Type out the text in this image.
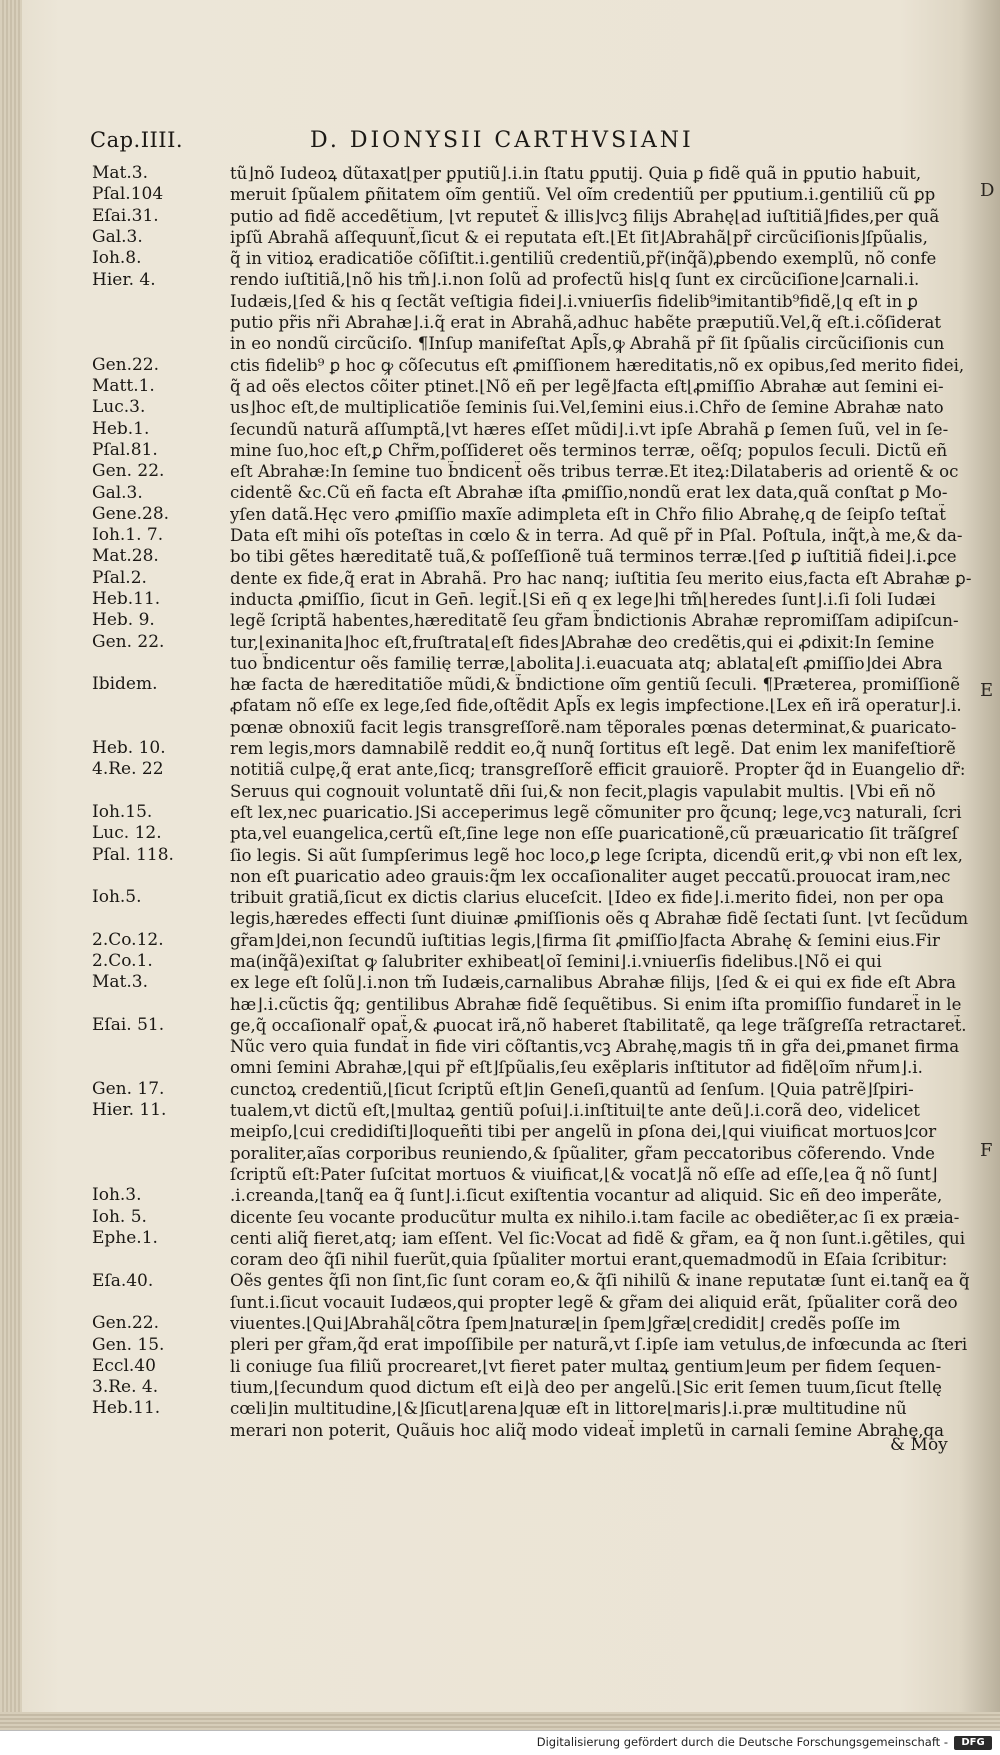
Cap.IIII.	D. DIONYSII CARTHVSIANI
Mat.3.
Pſal.104
Eſai.31.
Gal.3.
Ioh.8.
Hier. 4.
Gen.22.
Matt.1.
Luc.3.
Heb.1.
Pſal.81.
Gen. 22.
Gal.3.
Gene.28.
Ioh.1. 7.
Mat.28.
Pſal.2.
Heb.11.
Heb. 9.
Gen. 22.
Ibidem.
Heb. 10.
4.Re. 22
Ioh.15.
Luc. 12.
Pſal. 118.
Ioh.5.
2.Co.12.
2.Co.1.
Mat.3.
Eſai. 51.
Gen. 17.
Hier. 11.
Ioh.3.
Ioh. 5.
Ephe.1.
Eſa.40.
Gen.22.
Gen. 15.
Eccl.40
3.Re. 4.
Heb.11.

tũ⌋nõ Iudeoꝝ dũtaxat⌊per ꝑputiũ⌋.i.in ſtatu ꝑputij. Quia ꝑ fidẽ quã in ꝑputio habuit,

meruit ſpũalem ꝑñitatem oĩm gentiũ. Vel oĩm credentiũ per ꝑputium.i.gentiliũ cũ ꝑp

putio ad fidẽ accedẽtium, ⌊vt reputet̃ & illis⌋vcꝫ filijs Abrahę⌊ad iuſtitiã⌋fides,per quã

ipſũ Abrahã aſſequunt̃,ſicut & ei reputata eſt.⌊Et ſit⌋Abrahã⌊pr̃ circũciſionis⌋ſpũalis,

q̃ in vitioꝝ eradicatiõe cõſiſtit.i.gentiliũ credentiũ,pr̃(inq̃ã)ꝓbendo exemplũ, nõ confe

rendo iuſtitiã,⌊nõ his tm̃⌋.i.non ſolũ ad profectũ his⌊q ſunt ex circũciſione⌋carnali.i.

Iudæis,⌊ſed & his q ſectãt veſtigia fidei⌋.i.vniuerſis fidelib⁹imitantib⁹fidẽ,⌊q eſt in ꝑ

putio pr̃is nr̃i Abrahæ⌋.i.q̃ erat in Abrahã,adhuc habẽte præputiũ.Vel,q̃ eſt.i.cõſiderat

in eo nondũ circũciſo. ¶Inſup manifeſtat Apl̃s,ꝙ Abrahã pr̃ ſit ſpũalis circũciſionis cun

ctis fidelib⁹ ꝑ hoc ꝙ cõſecutus eſt ꝓmiſſionem hæreditatis,nõ ex opibus,ſed merito fidei,

q̃ ad oẽs electos cõiter ptinet.⌊Nõ eñ per legẽ⌋facta eſt⌊ꝓmiſſio Abrahæ aut ſemini ei-

us⌋hoc eſt,de multiplicatiõe ſeminis ſui.Vel,ſemini eius.i.Chr̃o de ſemine Abrahæ nato

ſecundũ naturã aſſumptã,⌊vt hæres eſſet mũdi⌋.i.vt ipſe Abrahã ꝑ ſemen ſuũ, vel in ſe-

mine ſuo,hoc eſt,ꝑ Chr̃m,poſſideret oẽs terminos terræ, oẽſq; populos ſeculi. Dictũ eñ

eſt Abrahæ:In ſemine tuo b̃ndicent̃ oẽs tribus terræ.Et iteꝝ:Dilataberis ad orientẽ & oc

cidentẽ &c.Cũ eñ facta eſt Abrahæ iſta ꝓmiſſio,nondũ erat lex data,quã conſtat ꝑ Mo-

yſen datã.Hęc vero ꝓmiſſio maxĩe adimpleta eſt in Chr̃o filio Abrahę,q de ſeipſo teſtat̃

Data eſt mihi oĩs poteſtas in cœlo & in terra. Ad quẽ pr̃ in Pſal. Poſtula, inq̃t,à me,& da-

bo tibi gẽtes hæreditatẽ tuã,& poſſeſſionẽ tuã terminos terræ.⌊ſed ꝑ iuſtitiã fidei⌋.i.ꝑce

dente ex fide,q̃ erat in Abrahã. Pro hac nanq; iuſtitia ſeu merito eius,facta eſt Abrahæ ꝑ-

inducta ꝓmiſſio, ſicut in Gen̄. legit̃.⌊Si eñ q ex lege⌋hi tm̃⌊heredes ſunt⌋.i.ſi ſoli Iudæi

legẽ ſcriptã habentes,hæreditatẽ ſeu gr̃am b̃ndictionis Abrahæ repromiſſam adipiſcun-

tur,⌊exinanita⌋hoc eſt,fruſtrata⌊eſt fides⌋Abrahæ deo credẽtis,qui ei ꝓdixit:In ſemine

tuo b̃ndicentur oẽs familię terræ,⌊abolita⌋.i.euacuata atq; ablata⌊eſt ꝓmiſſio⌋dei Abra

hæ facta de hæreditatiõe mũdi,& b̃ndictione oĩm gentiũ ſeculi. ¶Præterea, promiſſionẽ

ꝓfatam nõ eſſe ex lege,ſed fide,oſtẽdit Apl̃s ex legis imꝑfectione.⌊Lex eñ irã operatur⌋.i.

pœnæ obnoxiũ facit legis transgreſſorẽ.nam tẽporales pœnas determinat,& ꝑuaricato-

rem legis,mors damnabilẽ reddit eo,q̃ nunq̃ ſortitus eſt legẽ. Dat enim lex manifeſtiorẽ

notitiã culpę,q̃ erat ante,ſicq; transgreſſorẽ efficit grauiorẽ. Propter q̃d in Euangelio dr̃:

Seruus qui cognouit voluntatẽ dñi ſui,& non fecit,plagis vapulabit multis. ⌊Vbi eñ nõ

eſt lex,nec ꝑuaricatio.⌋Si acceperimus legẽ cõmuniter pro q̃cunq; lege,vcꝫ naturali, ſcri

pta,vel euangelica,certũ eſt,ſine lege non eſſe ꝑuaricationẽ,cũ præuaricatio ſit trãſgreſ

ſio legis. Si aũt ſumpſerimus legẽ hoc loco,ꝑ lege ſcripta, dicendũ erit,ꝙ vbi non eſt lex,

non eſt ꝑuaricatio adeo grauis:q̃m lex occaſionaliter auget peccatũ.prouocat iram,nec

tribuit gratiã,ſicut ex dictis clarius eluceſcit. ⌊Ideo ex fide⌋.i.merito fidei, non per opa

legis,hæredes effecti ſunt diuinæ ꝓmiſſionis oẽs q Abrahæ fidẽ ſectati ſunt. ⌊vt ſecũdum

gr̃am⌋dei,non ſecundũ iuſtitias legis,⌊firma ſit ꝓmiſſio⌋facta Abrahę & ſemini eius.Fir

ma(inq̃ã)exiſtat ꝙ ſalubriter exhibeat⌊oĩ ſemini⌋.i.vniuerſis fidelibus.⌊Nõ ei qui

ex lege eſt ſolũ⌋.i.non tm̃ Iudæis,carnalibus Abrahæ filijs, ⌊ſed & ei qui ex fide eſt Abra

hæ⌋.i.cũctis q̃q; gentilibus Abrahæ fidẽ ſequẽtibus. Si enim iſta promiſſio fundaret̃ in le

ge,q̃ occaſionalr̃ opat̃,& ꝓuocat irã,nõ haberet ſtabilitatẽ, qa lege trãſgreſſa retractaret̃.

Nũc vero quia fundat̃ in fide viri cõſtantis,vcꝫ Abrahę,magis tñ in gr̃a dei,ꝑmanet firma

omni ſemini Abrahæ,⌊qui pr̃ eſt⌋ſpũalis,ſeu exẽplaris inſtitutor ad fidẽ⌊oĩm nr̃um⌋.i.

cunctoꝝ credentiũ,⌊ſicut ſcriptũ eſt⌋in Geneſi,quantũ ad ſenſum. ⌊Quia patrẽ⌋ſpiri-

tualem,vt dictũ eſt,⌊multaꝝ gentiũ poſui⌋.i.inſtitui⌊te ante deũ⌋.i.corã deo, videlicet

meipſo,⌊cui credidiſti⌋loqueñti tibi per angelũ in ꝑſona dei,⌊qui viuificat mortuos⌋cor

poraliter,aĩas corporibus reuniendo,& ſpũaliter, gr̃am peccatoribus cõferendo. Vnde

ſcriptũ eſt:Pater ſuſcitat mortuos & viuificat,⌊& vocat⌋ã nõ eſſe ad eſſe,⌊ea q̃ nõ ſunt⌋

.i.creanda,⌊tanq̃ ea q̃ ſunt⌋.i.ſicut exiſtentia vocantur ad aliquid. Sic eñ deo imperãte,

dicente ſeu vocante producũtur multa ex nihilo.i.tam facile ac obediẽter,ac ſi ex præia-

centi aliq̃ fieret,atq; iam eſſent. Vel ſic:Vocat ad fidẽ & gr̃am, ea q̃ non ſunt.i.gẽtiles, qui

coram deo q̃ſi nihil fuerũt,quia ſpũaliter mortui erant,quemadmodũ in Eſaia ſcribitur:

Oẽs gentes q̃ſi non ſint,ſic ſunt coram eo,& q̃ſi nihilũ & inane reputatæ ſunt ei.tanq̃ ea q̃

ſunt.i.ſicut vocauit Iudæos,qui propter legẽ & gr̃am dei aliquid erãt, ſpũaliter corã deo

viuentes.⌊Qui⌋Abrahã⌊cõtra ſpem⌋naturæ⌊in ſpem⌋gr̃æ⌊credidit⌋ credẽs poſſe im

pleri per gr̃am,q̃d erat impoſſibile per naturã,vt ſ.ipſe iam vetulus,de infœcunda ac ſteri

li coniuge ſua filiũ procrearet,⌊vt fieret pater multaꝝ gentium⌋eum per fidem ſequen-

tium,⌊ſecundum quod dictum eſt ei⌋à deo per angelũ.⌊Sic erit ſemen tuum,ſicut ſtellę

cœli⌋in multitudine,⌊&⌋ſicut⌊arena⌋quæ eſt in littore⌊maris⌋.i.præ multitudine nũ

merari non poterit, Quãuis hoc aliq̃ modo videat̃ impletũ in carnali ſemine Abrahę,qa

D
E
F
& Moy
Digitalisierung gefördert durch die Deutsche Forschungsgemeinschaft -	DFG
